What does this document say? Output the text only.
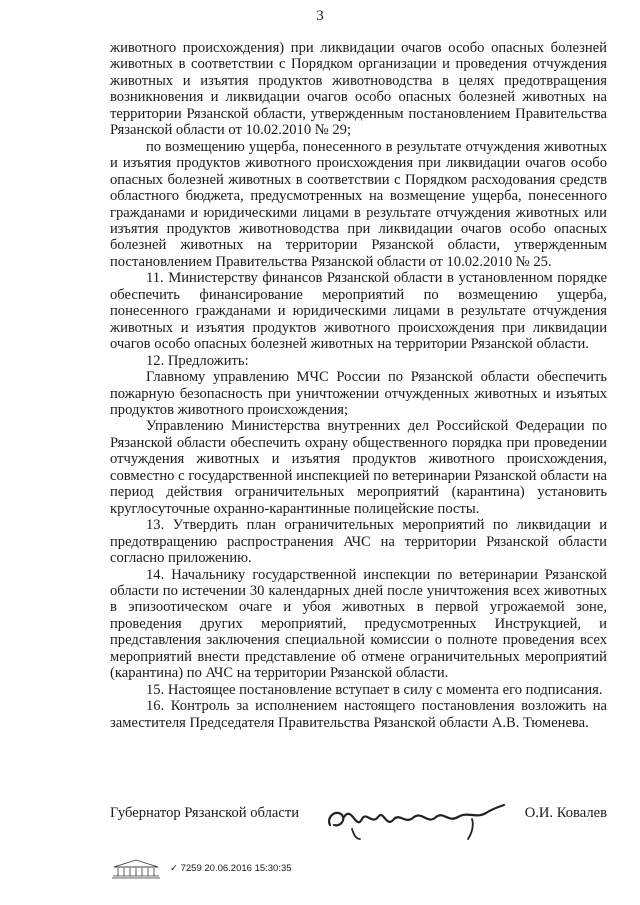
3

животного происхождения) при ликвидации очагов особо опасных болезней животных в соответствии с Порядком организации и проведения отчуждения животных и изъятия продуктов животноводства в целях предотвращения возникновения и ликвидации очагов особо опасных болезней животных на территории Рязанской области, утвержденным постановлением Правительства Рязанской области от 10.02.2010 № 29;

по возмещению ущерба, понесенного в результате отчуждения животных и изъятия продуктов животного происхождения при ликвидации очагов особо опасных болезней животных в соответствии с Порядком расходования средств областного бюджета, предусмотренных на возмещение ущерба, понесенного гражданами и юридическими лицами в результате отчуждения животных или изъятия продуктов животноводства при ликвидации очагов особо опасных болезней животных на территории Рязанской области, утвержденным постановлением Правительства Рязанской области от 10.02.2010 № 25.

11. Министерству финансов Рязанской области в установленном порядке обеспечить финансирование мероприятий по возмещению ущерба, понесенного гражданами и юридическими лицами в результате отчуждения животных и изъятия продуктов животного происхождения при ликвидации очагов особо опасных болезней животных на территории Рязанской области.

12. Предложить:

Главному управлению МЧС России по Рязанской области обеспечить пожарную безопасность при уничтожении отчужденных животных и изъятых продуктов животного происхождения;

Управлению Министерства внутренних дел Российской Федерации по Рязанской области обеспечить охрану общественного порядка при проведении отчуждения животных и изъятия продуктов животного происхождения, совместно с государственной инспекцией по ветеринарии Рязанской области на период действия ограничительных мероприятий (карантина) установить круглосуточные охранно-карантинные полицейские посты.

13. Утвердить план ограничительных мероприятий по ликвидации и предотвращению распространения АЧС на территории Рязанской области согласно приложению.

14. Начальнику государственной инспекции по ветеринарии Рязанской области по истечении 30 календарных дней после уничтожения всех животных в эпизоотическом очаге и убоя животных в первой угрожаемой зоне, проведения других мероприятий, предусмотренных Инструкцией, и представления заключения специальной комиссии о полноте проведения всех мероприятий внести представление об отмене ограничительных мероприятий (карантина) по АЧС на территории Рязанской области.

15. Настоящее постановление вступает в силу с момента его подписания.

16. Контроль за исполнением настоящего постановления возложить на заместителя Председателя Правительства Рязанской области А.В. Тюменева.

Губернатор Рязанской области	О.И. Ковалев
✓ 7259 20.06.2016 15:30:35
